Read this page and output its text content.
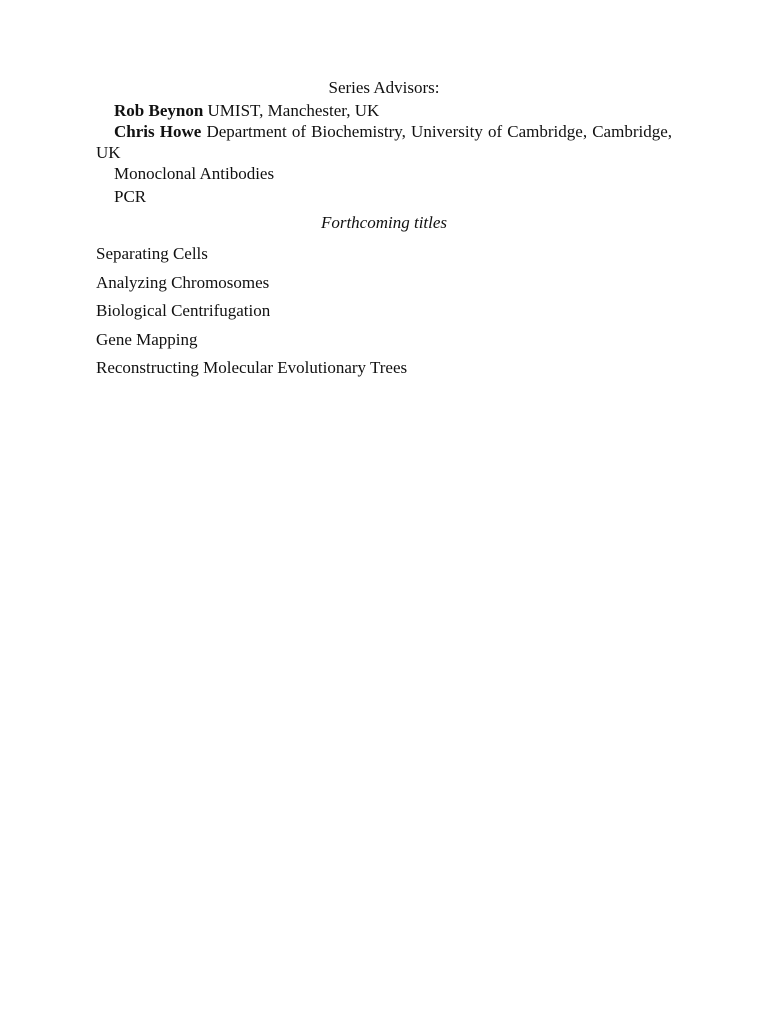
Series Advisors:

Rob Beynon UMIST, Manchester, UK

Chris Howe Department of Biochemistry, University of Cambridge, Cambridge, UK

Monoclonal Antibodies

PCR

Forthcoming titles

Separating Cells

Analyzing Chromosomes

Biological Centrifugation

Gene Mapping

Reconstructing Molecular Evolutionary Trees
